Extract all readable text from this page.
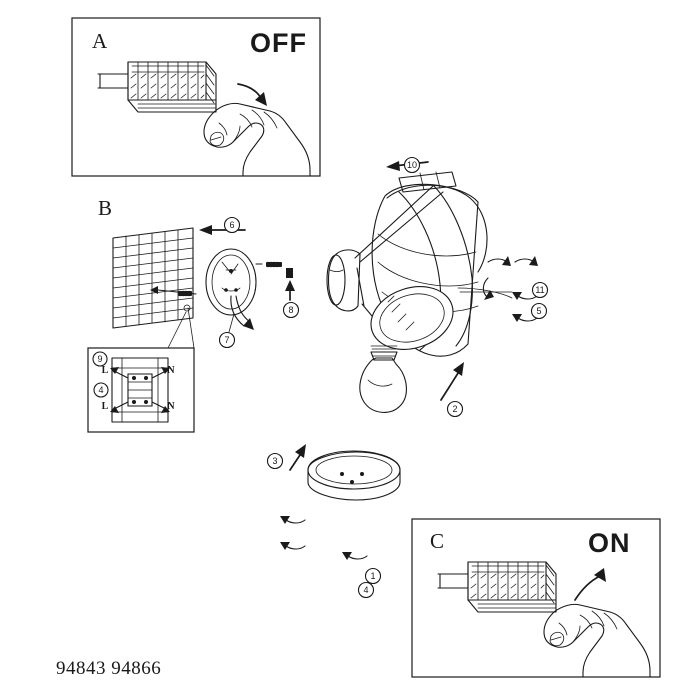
A	OFF
C	ON
B
N
N
L
L
9
4
1
2
3
4
5
6
7
8
10
11
94843 94866
